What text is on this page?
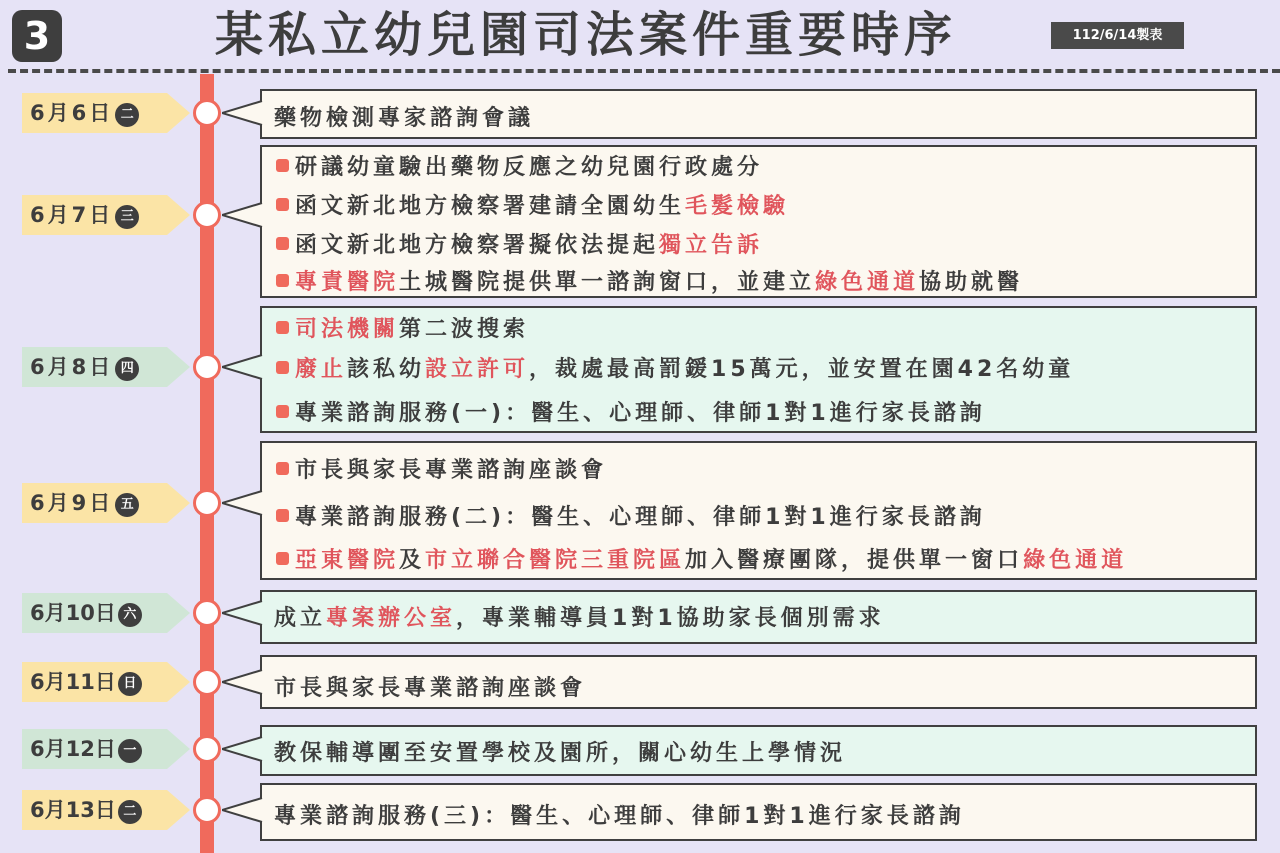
3	某私立幼兒園司法案件重要時序	112/6/14製表
6月6日 二	藥物檢測專家諮詢會議
6月7日 三
研議幼童驗出藥物反應之幼兒園行政處分
函文新北地方檢察署建請全園幼生毛髮檢驗
函文新北地方檢察署擬依法提起獨立告訴
專責醫院土城醫院提供單一諮詢窗口，並建立綠色通道協助就醫
6月8日 四
司法機關第二波搜索
廢止該私幼設立許可，裁處最高罰鍰15萬元，並安置在園42名幼童
專業諮詢服務(一)：醫生、心理師、律師1對1進行家長諮詢
6月9日 五
市長與家長專業諮詢座談會
專業諮詢服務(二)：醫生、心理師、律師1對1進行家長諮詢
亞東醫院及市立聯合醫院三重院區加入醫療團隊，提供單一窗口綠色通道
6月10日 六	成立專案辦公室，專業輔導員1對1協助家長個別需求
6月11日 日	市長與家長專業諮詢座談會
6月12日 一	教保輔導團至安置學校及園所，關心幼生上學情況
6月13日 二	專業諮詢服務(三)：醫生、心理師、律師1對1進行家長諮詢
